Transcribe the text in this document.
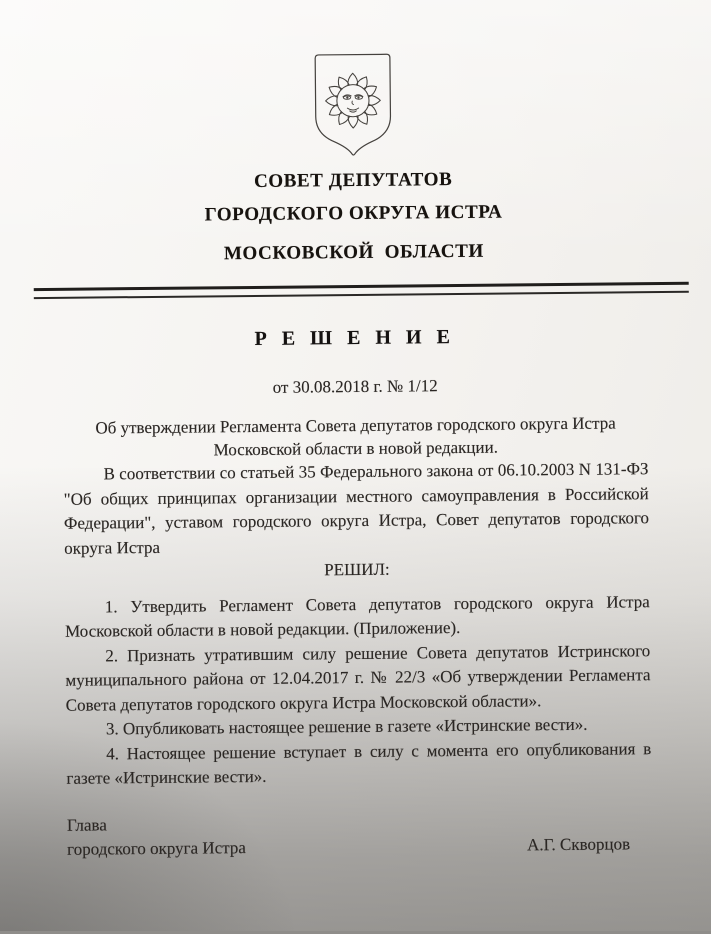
СОВЕТ ДЕПУТАТОВ
ГОРОДСКОГО ОКРУГА ИСТРА
МОСКОВСКОЙ  ОБЛАСТИ
Р Е Ш Е Н И Е
от 30.08.2018 г. № 1/12
Об утверждении Регламента Совета депутатов городского округа Истра Московской области в новой редакции.

В соответствии со статьей 35 Федерального закона от 06.10.2003 N 131-ФЗ "Об общих принципах организации местного самоуправления в Российской Федерации", уставом городского округа Истра, Совет депутатов городского округа Истра

РЕШИЛ:

1. Утвердить Регламент Совета депутатов городского округа Истра Московской области в новой редакции. (Приложение).

2. Признать утратившим силу решение Совета депутатов Истринского муниципального района от 12.04.2017 г. № 22/3 «Об утверждении Регламента Совета депутатов городского округа Истра Московской области».

3. Опубликовать настоящее решение в газете «Истринские вести».

4. Настоящее решение вступает в силу с момента его опубликования в газете «Истринские вести».

Глава
городского округа Истра	А.Г. Скворцов
